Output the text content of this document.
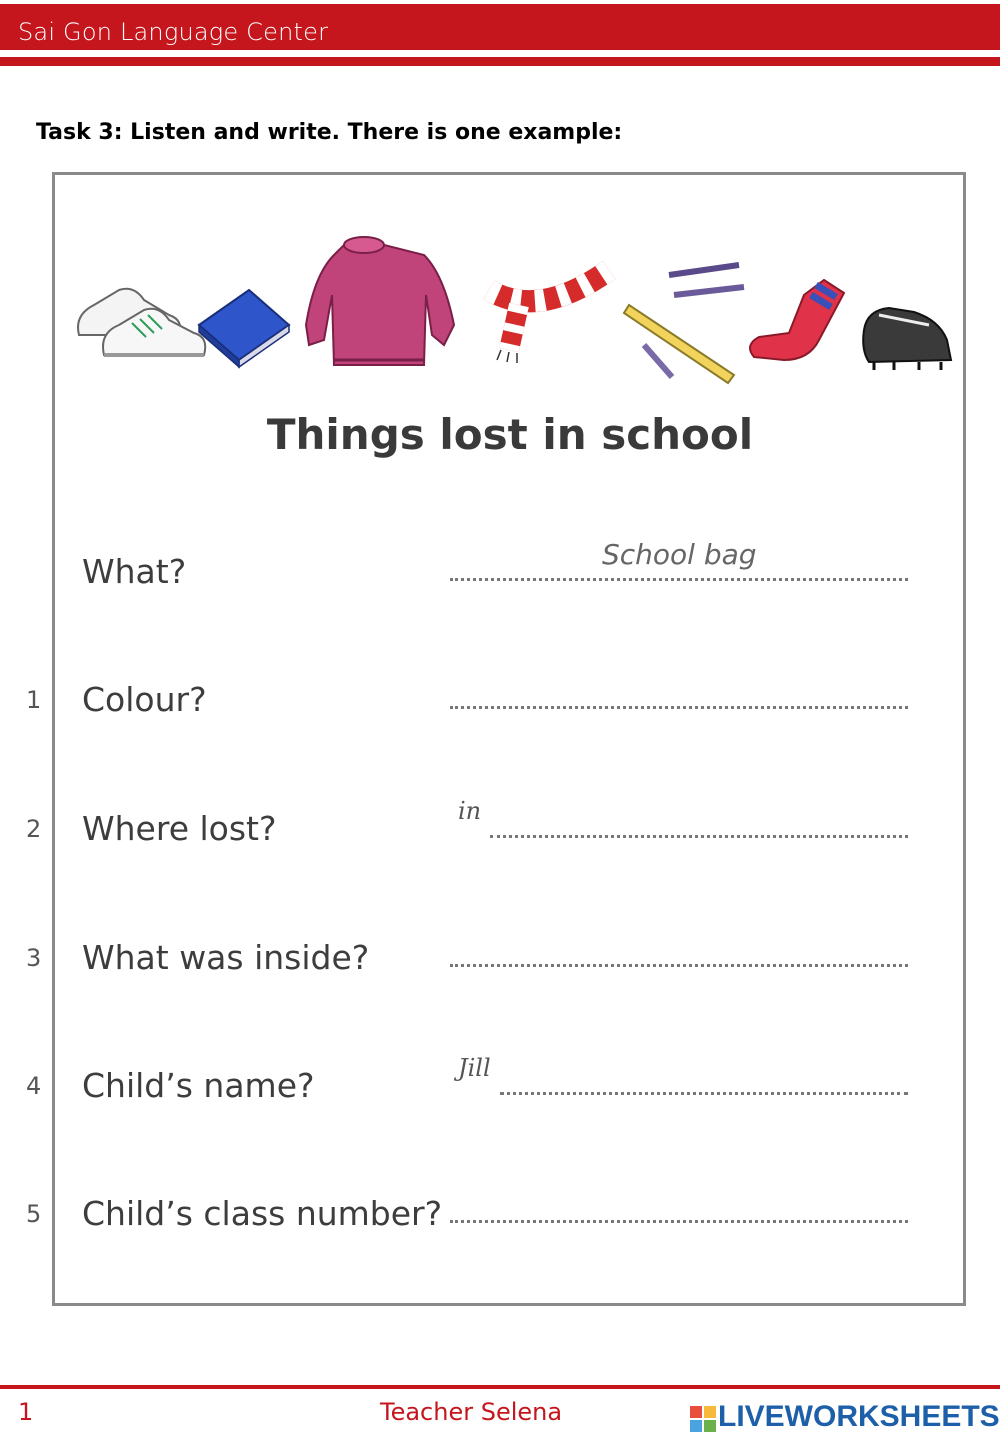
Sai Gon Language Center
Task 3: Listen and write. There is one example:
Things lost in school
What?	School bag
1 Colour?
2 Where lost?	in
3 What was inside?
4 Child’s name?	Jill
5 Child’s class number?
1	Teacher Selena	LIVEWORKSHEETS
